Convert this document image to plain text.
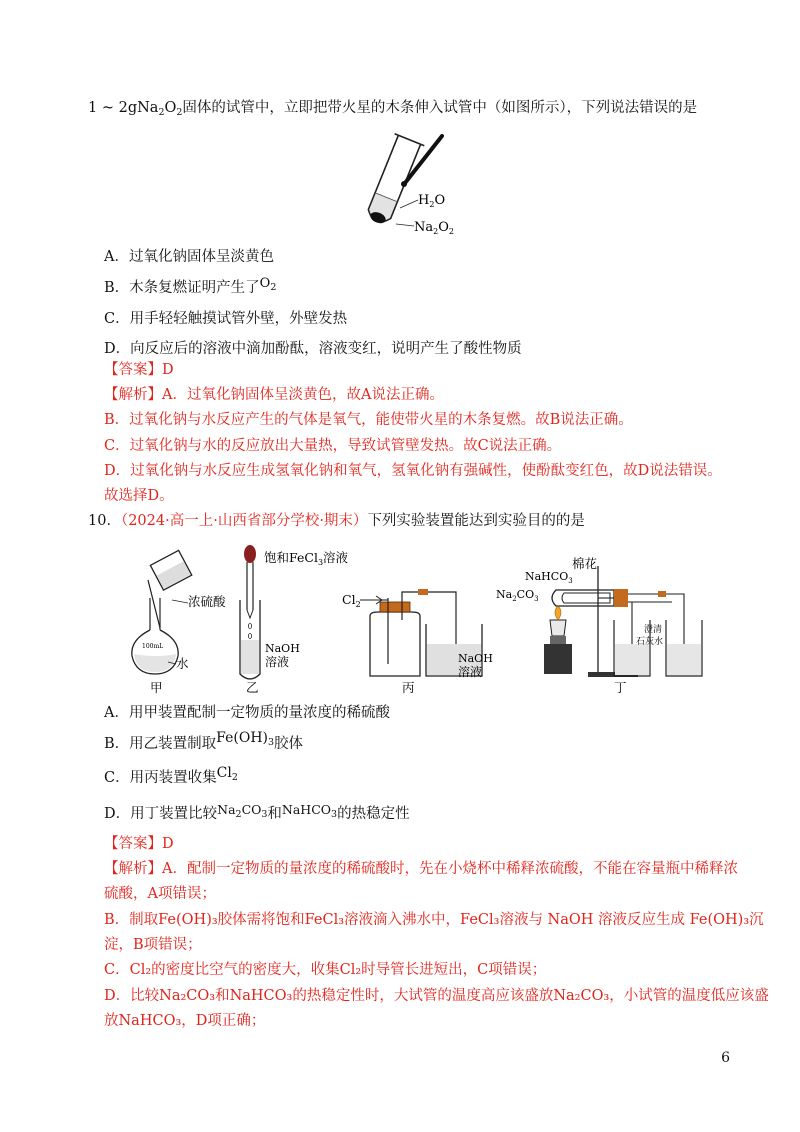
1 ~ $2gNa_2O_2$固体的试管中，立即把带火星的木条伸入试管中（如图所示），下列说法错误的是
$H_2O$
$Na_2O_2$
A．过氧化钠固体呈淡黄色
B．木条复燃证明产生了$O_2$
C．用手轻轻触摸试管外壁，外壁发热
D．向反应后的溶液中滴加酚酞，溶液变红，说明产生了酸性物质
【答案】D
【解析】A．过氧化钠固体呈淡黄色，故A说法正确。
B．过氧化钠与水反应产生的气体是氧气，能使带火星的木条复燃。故B说法正确。
C．过氧化钠与水的反应放出大量热，导致试管壁发热。故C说法正确。
D．过氧化钠与水反应生成氢氧化钠和氧气，氢氧化钠有强碱性，使酚酞变红色，故D说法错误。
故选择D。
10．（2024·高一上·山西省部分学校·期末）下列实验装置能达到实验目的的是
100mL
浓硫酸
水
甲
饱和FeCl$_3$溶液
NaOH
溶液
乙
$Cl_2$
NaOH
溶液
丙
NaHCO$_3$
棉花
$Na_2CO_3$
澄清
石灰水
丁
A．用甲装置配制一定物质的量浓度的稀硫酸
B．用乙装置制取$Fe(OH)_3$胶体
C．用丙装置收集$Cl_2$
D．用丁装置比较$Na_2CO_3$和NaHCO$_3$的热稳定性
【答案】D
【解析】A．配制一定物质的量浓度的稀硫酸时，先在小烧杯中稀释浓硫酸，不能在容量瓶中稀释浓
硫酸，A项错误；
B．制取Fe(OH)₃胶体需将饱和FeCl₃溶液滴入沸水中，FeCl₃溶液与 NaOH 溶液反应生成 Fe(OH)₃沉
淀，B项错误；
C．Cl₂的密度比空气的密度大，收集Cl₂时导管长进短出，C项错误；
D．比较Na₂CO₃和NaHCO₃的热稳定性时，大试管的温度高应该盛放Na₂CO₃，小试管的温度低应该盛
放NaHCO₃，D项正确；
6
